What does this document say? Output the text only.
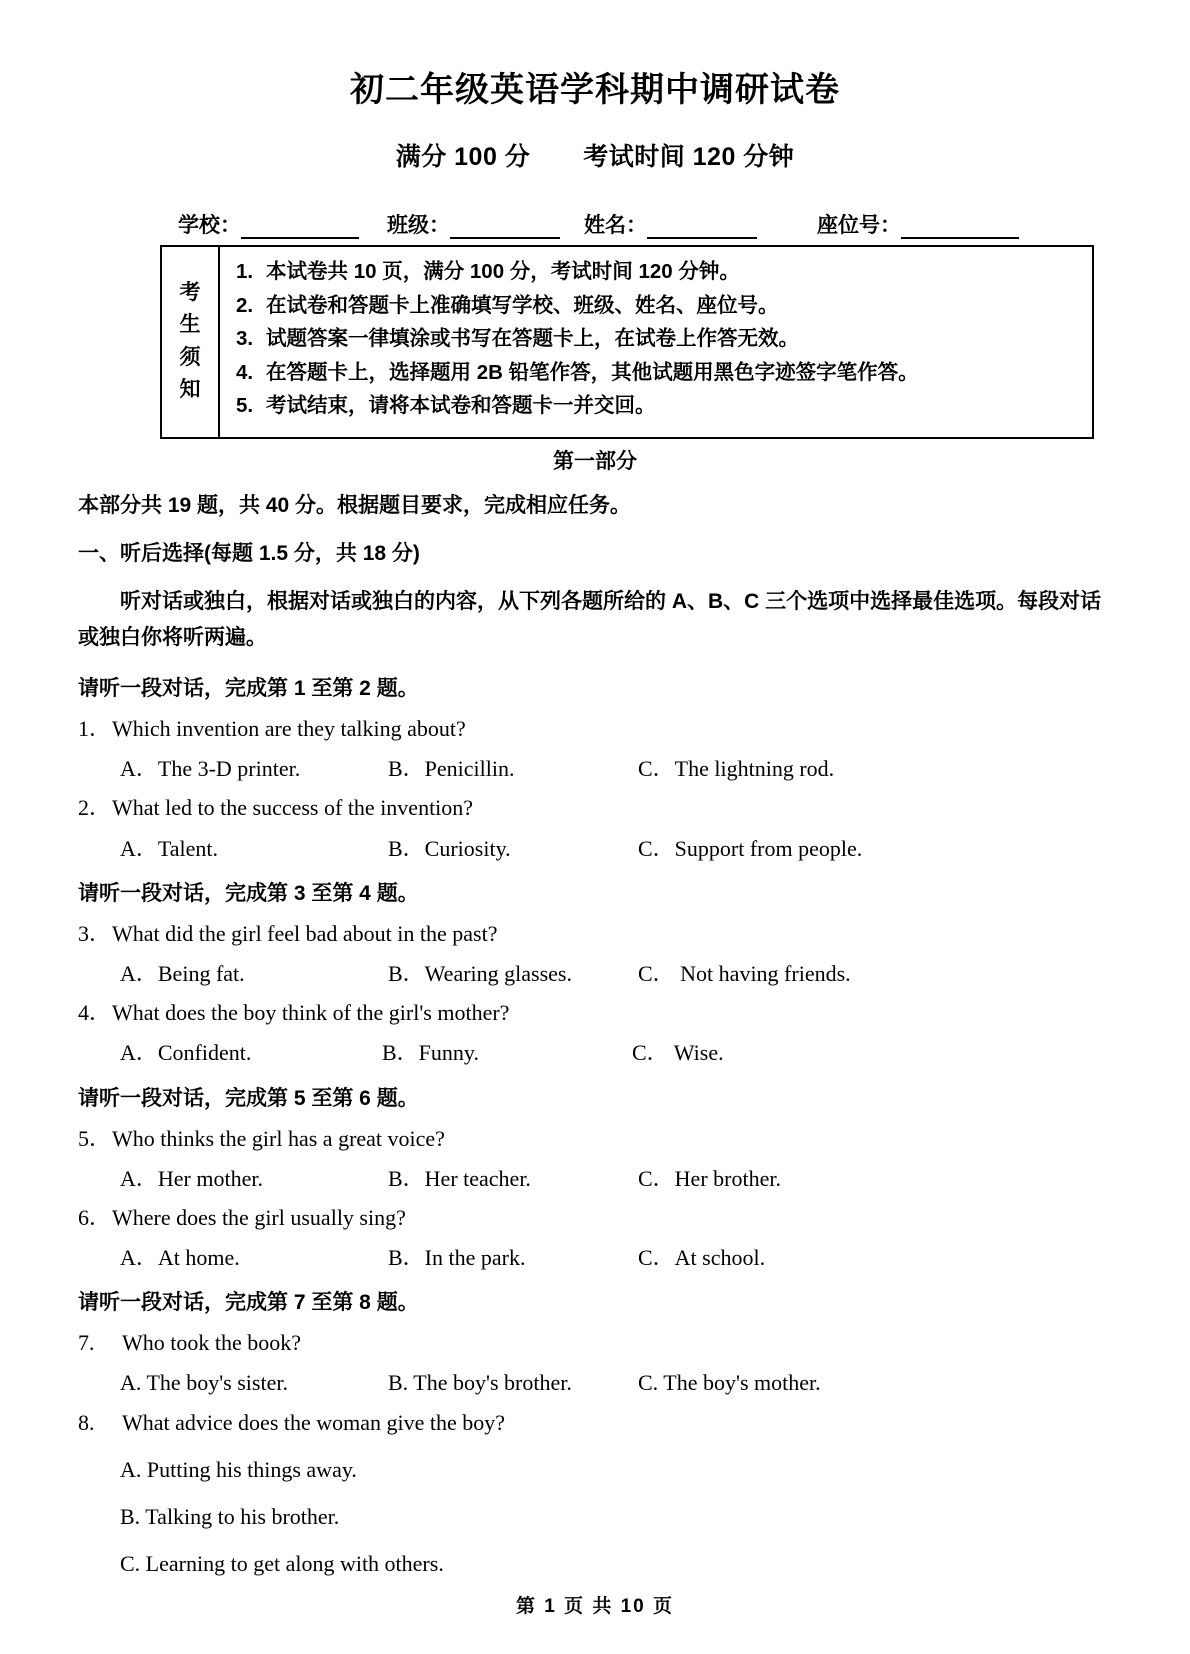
初二年级英语学科期中调研试卷
满分 100 分 考试时间 120 分钟
学校：	班级：	姓名：	座位号：
考
生
须
知
1. 本试卷共 10 页，满分 100 分，考试时间 120 分钟。
2. 在试卷和答题卡上准确填写学校、班级、姓名、座位号。
3. 试题答案一律填涂或书写在答题卡上，在试卷上作答无效。
4. 在答题卡上，选择题用 2B 铅笔作答，其他试题用黑色字迹签字笔作答。
5. 考试结束，请将本试卷和答题卡一并交回。
第一部分
本部分共 19 题，共 40 分。根据题目要求，完成相应任务。
一、听后选择(每题 1.5 分，共 18 分)
听对话或独白，根据对话或独白的内容，从下列各题所给的 A、B、C 三个选项中选择最佳选项。每段对话或独白你将听两遍。
请听一段对话，完成第 1 至第 2 题。
1． Which invention are they talking about?
A．The 3-D printer.	B．Penicillin.	C．The lightning rod.
2． What led to the success of the invention?
A．Talent.	B．Curiosity.	C．Support from people.
请听一段对话，完成第 3 至第 4 题。
3． What did the girl feel bad about in the past?
A．Being fat.	B．Wearing glasses.	C． Not having friends.
4． What does the boy think of the girl's mother?
A．Confident.	B．Funny.	C． Wise.
请听一段对话，完成第 5 至第 6 题。
5． Who thinks the girl has a great voice?
A．Her mother.	B．Her teacher.	C．Her brother.
6． Where does the girl usually sing?
A．At home.	B．In the park.	C．At school.
请听一段对话，完成第 7 至第 8 题。
7.	Who took the book?
A. The boy's sister.	B. The boy's brother.	C. The boy's mother.
8.	What advice does the woman give the boy?
A. Putting his things away.
B. Talking to his brother.
C. Learning to get along with others.
第 1 页 共 10 页
